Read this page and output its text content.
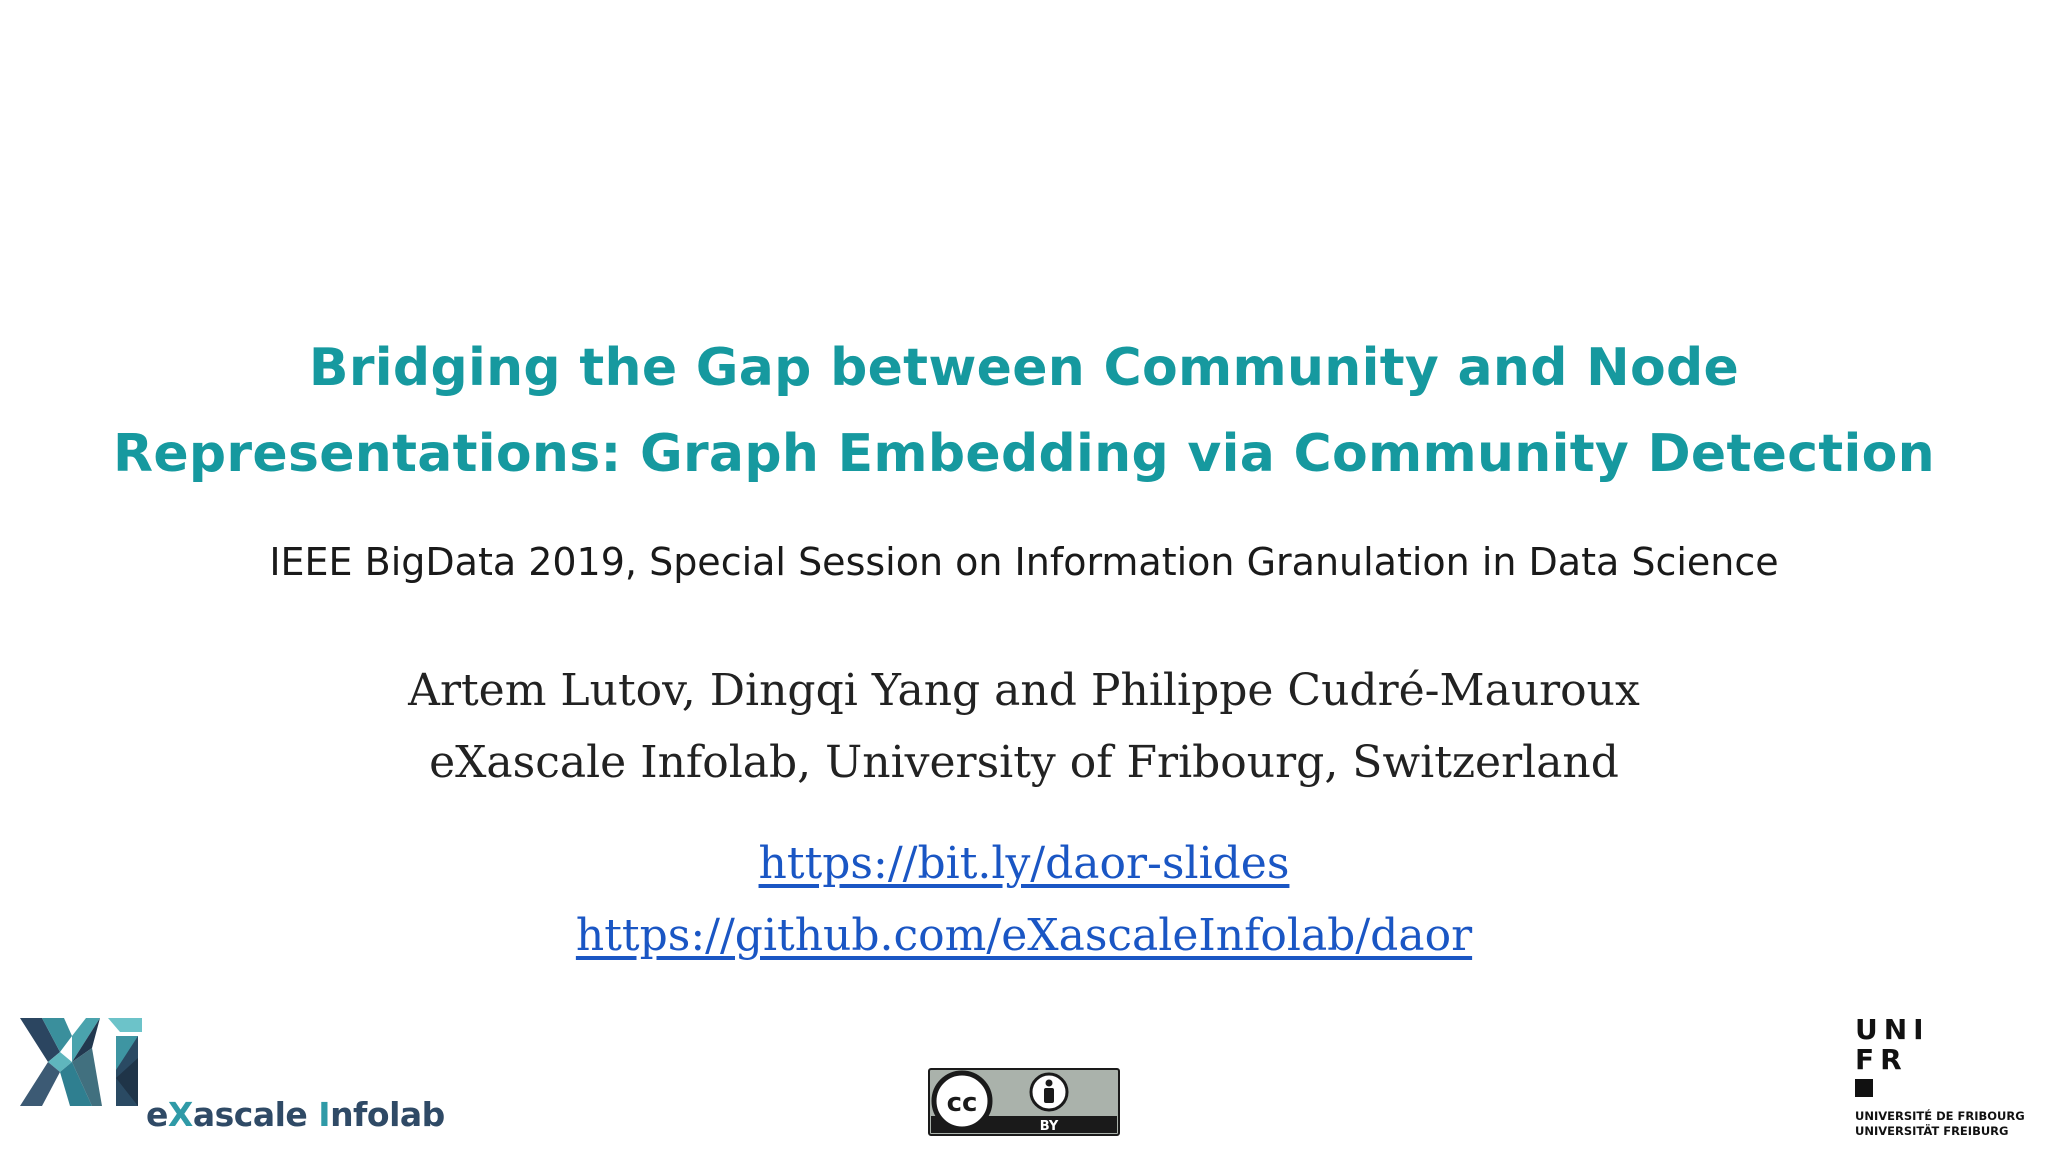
Bridging the Gap between Community and Node
Representations: Graph Embedding via Community Detection
IEEE BigData 2019, Special Session on Information Granulation in Data Science
Artem Lutov, Dingqi Yang and Philippe Cudré-Mauroux
eXascale Infolab, University of Fribourg, Switzerland
https://bit.ly/daor-slides
https://github.com/eXascaleInfolab/daor
eXascale Infolab	cc
BY
UNI
FR
UNIVERSITÉ DE FRIBOURG
UNIVERSITÄT FREIBURG
